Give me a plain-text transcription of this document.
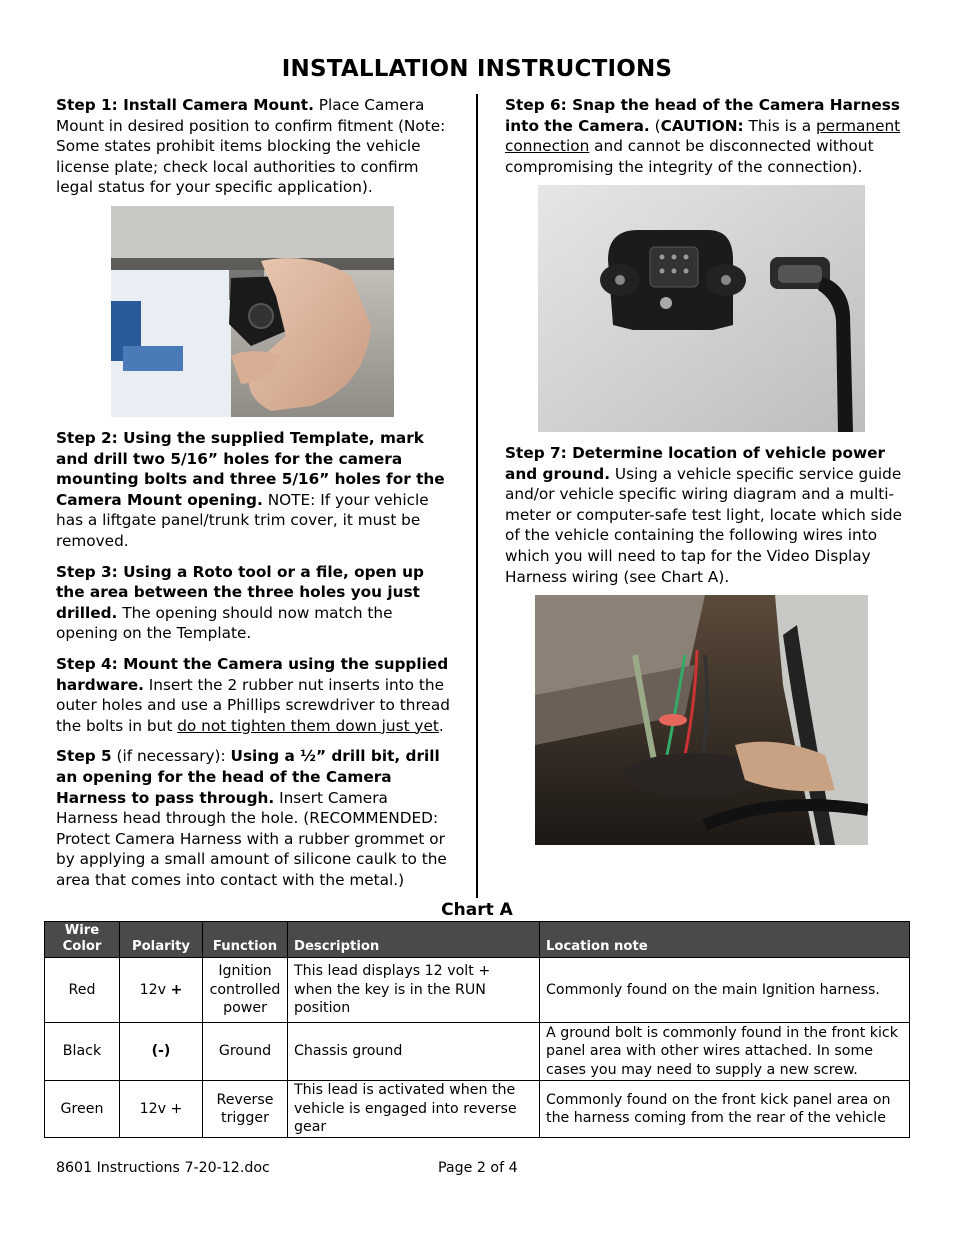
INSTALLATION INSTRUCTIONS

Step 1: Install Camera Mount. Place Camera Mount in desired position to confirm fitment (Note: Some states prohibit items blocking the vehicle license plate; check local authorities to confirm legal status for your specific application).

Step 2: Using the supplied Template, mark and drill two 5/16” holes for the camera mounting bolts and three 5/16” holes for the Camera Mount opening. NOTE: If your vehicle has a liftgate panel/trunk trim cover, it must be removed.

Step 3: Using a Roto tool or a file, open up the area between the three holes you just drilled. The opening should now match the opening on the Template.

Step 4: Mount the Camera using the supplied hardware. Insert the 2 rubber nut inserts into the outer holes and use a Phillips screwdriver to thread the bolts in but do not tighten them down just yet.

Step 5 (if necessary): Using a ½” drill bit, drill an opening for the head of the Camera Harness to pass through. Insert Camera Harness head through the hole. (RECOMMENDED: Protect Camera Harness with a rubber grommet or by applying a small amount of silicone caulk to the area that comes into contact with the metal.)

Step 6: Snap the head of the Camera Harness into the Camera. (CAUTION: This is a permanent connection and cannot be disconnected without compromising the integrity of the connection).

Step 7: Determine location of vehicle power and ground. Using a vehicle specific service guide and/or vehicle specific wiring diagram and a multi-meter or computer-safe test light, locate which side of the vehicle containing the following wires into which you will need to tap for the Video Display Harness wiring (see Chart A).

Chart A
Wire Color	Polarity	Function	Description	Location note
Red	12v +	Ignition controlled power	This lead displays 12 volt + when the key is in the RUN position	Commonly found on the main Ignition harness.
Black	(-)	Ground	Chassis ground	A ground bolt is commonly found in the front kick panel area with other wires attached. In some cases you may need to supply a new screw.
Green	12v +	Reverse trigger	This lead is activated when the vehicle is engaged into reverse gear	Commonly found on the front kick panel area on the harness coming from the rear of the vehicle
8601 Instructions 7-20-12.doc	Page 2 of 4
